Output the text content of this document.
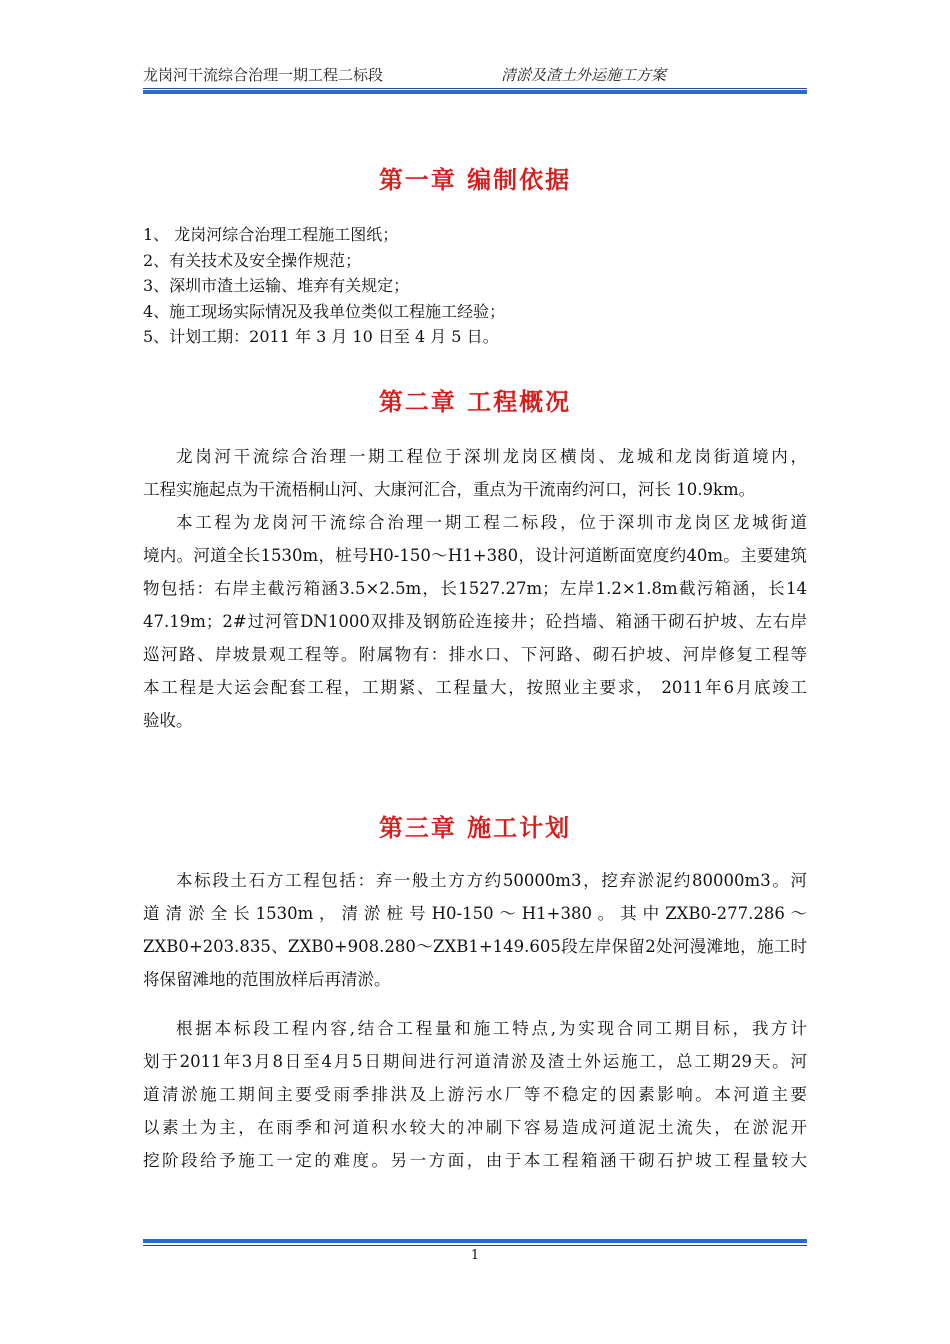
龙岗河干流综合治理一期工程二标段	清淤及渣土外运施工方案
第一章 编制依据
1、 龙岗河综合治理工程施工图纸；
2、有关技术及安全操作规范；
3、深圳市渣土运输、堆弃有关规定；
4、施工现场实际情况及我单位类似工程施工经验；
5、计划工期：2011 年 3 月 10 日至 4 月 5 日。
第二章 工程概况
龙岗河干流综合治理一期工程位于深圳龙岗区横岗、龙城和龙岗街道境内，
工程实施起点为干流梧桐山河、大康河汇合，重点为干流南约河口，河长 10.9km。
本工程为龙岗河干流综合治理一期工程二标段，位于深圳市龙岗区龙城街道
境内。河道全长1530m，桩号H0-150～H1+380，设计河道断面宽度约40m。主要建筑
物包括：右岸主截污箱涵3.5×2.5m，长1527.27m；左岸1.2×1.8m截污箱涵，长14
47.19m；2#过河管DN1000双排及钢筋砼连接井；砼挡墙、箱涵干砌石护坡、左右岸
巡河路、岸坡景观工程等。附属物有：排水口、下河路、砌石护坡、河岸修复工程等
本工程是大运会配套工程，工期紧、工程量大，按照业主要求， 2011年6月底竣工
验收。
第三章 施工计划
本标段土石方工程包括：弃一般土方方约50000m3，挖弃淤泥约80000m3。河
道 清 淤 全 长 1530m ， 清 淤 桩 号 H0-150 ～ H1+380 。 其 中 ZXB0-277.286 ～
ZXB0+203.835、ZXB0+908.280～ZXB1+149.605段左岸保留2处河漫滩地，施工时
将保留滩地的范围放样后再清淤。
根据本标段工程内容,结合工程量和施工特点,为实现合同工期目标，我方计
划于2011年3月8日至4月5日期间进行河道清淤及渣土外运施工，总工期29天。河
道清淤施工期间主要受雨季排洪及上游污水厂等不稳定的因素影响。本河道主要
以素土为主，在雨季和河道积水较大的冲刷下容易造成河道泥土流失，在淤泥开
挖阶段给予施工一定的难度。另一方面，由于本工程箱涵干砌石护坡工程量较大
1
